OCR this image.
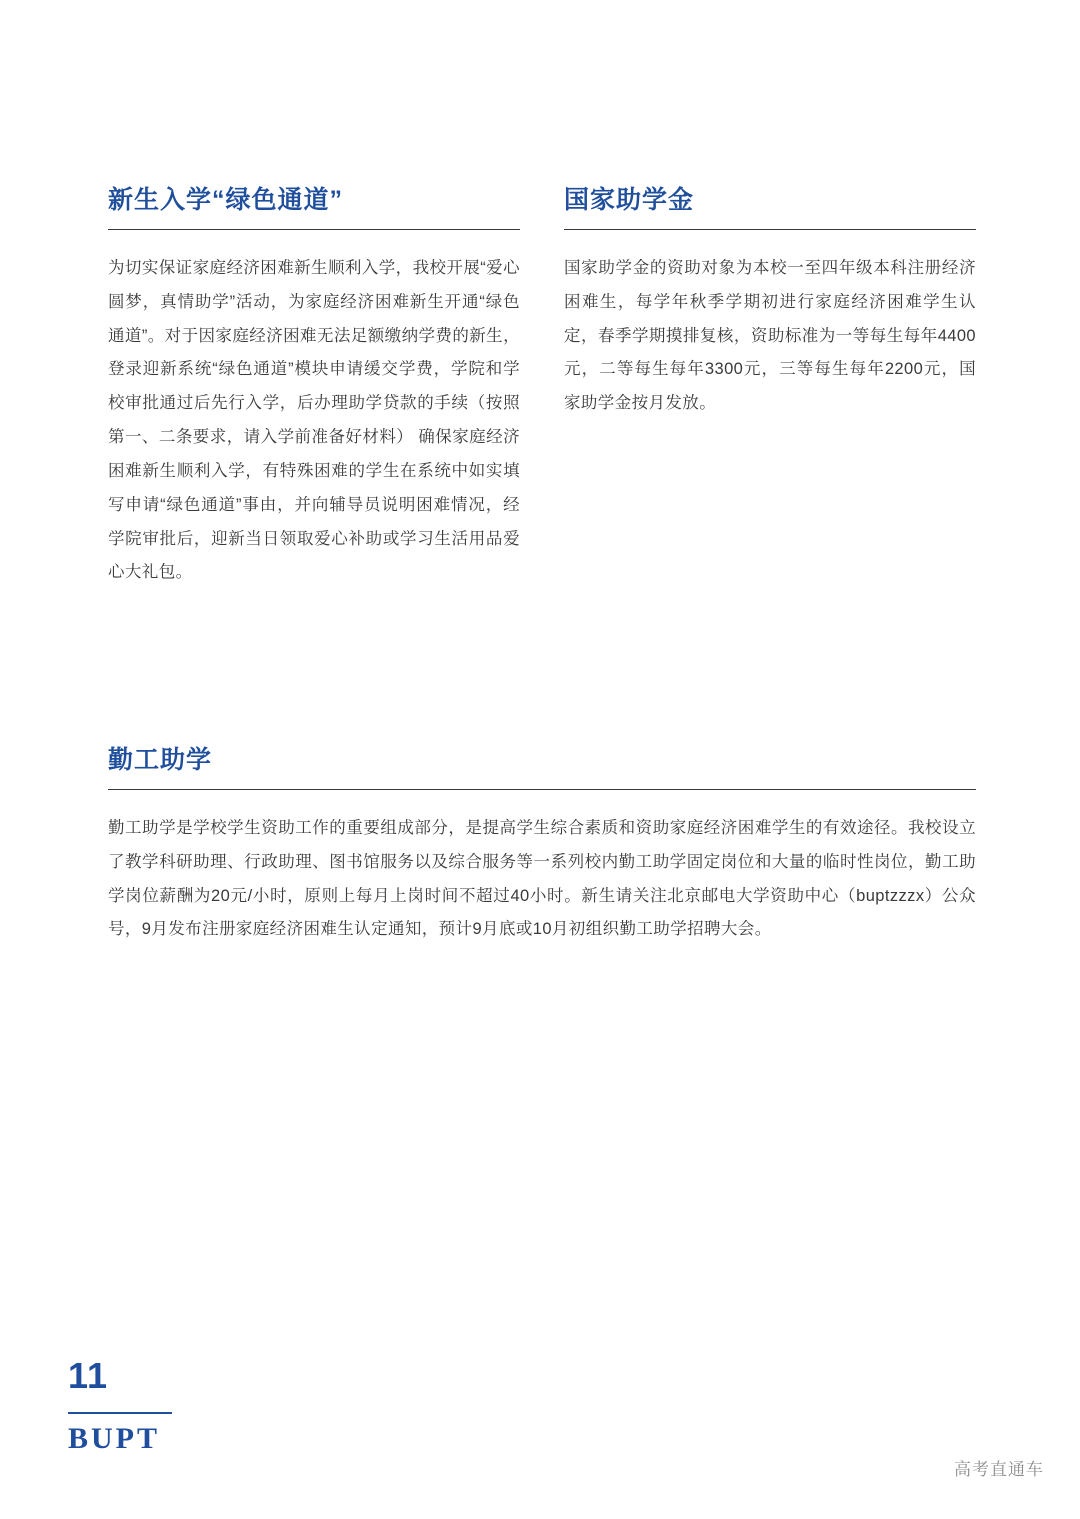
新生入学“绿色通道”

为切实保证家庭经济困难新生顺利入学，我校开展“爱心圆梦，真情助学”活动，为家庭经济困难新生开通“绿色通道”。对于因家庭经济困难无法足额缴纳学费的新生，登录迎新系统“绿色通道”模块申请缓交学费，学院和学校审批通过后先行入学，后办理助学贷款的手续（按照第一、二条要求，请入学前准备好材料） 确保家庭经济困难新生顺利入学，有特殊困难的学生在系统中如实填写申请“绿色通道”事由，并向辅导员说明困难情况，经学院审批后，迎新当日领取爱心补助或学习生活用品爱心大礼包。

国家助学金

国家助学金的资助对象为本校一至四年级本科注册经济困难生，每学年秋季学期初进行家庭经济困难学生认定，春季学期摸排复核，资助标准为一等每生每年4400元，二等每生每年3300元，三等每生每年2200元，国家助学金按月发放。

勤工助学

勤工助学是学校学生资助工作的重要组成部分，是提高学生综合素质和资助家庭经济困难学生的有效途径。我校设立了教学科研助理、行政助理、图书馆服务以及综合服务等一系列校内勤工助学固定岗位和大量的临时性岗位，勤工助学岗位薪酬为20元/小时，原则上每月上岗时间不超过40小时。新生请关注北京邮电大学资助中心（buptzzzx）公众号，9月发布注册家庭经济困难生认定通知，预计9月底或10月初组织勤工助学招聘大会。

11
BUPT
高考直通车
